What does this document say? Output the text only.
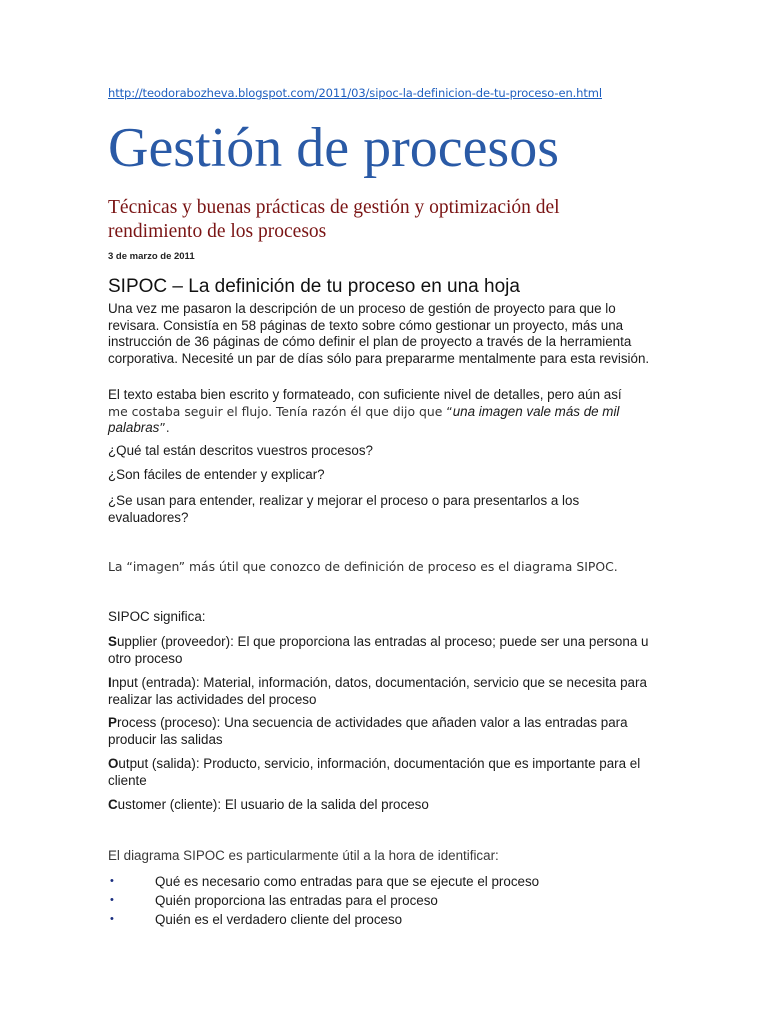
http://teodorabozheva.blogspot.com/2011/03/sipoc-la-definicion-de-tu-proceso-en.html
Gestión de procesos
Técnicas y buenas prácticas de gestión y optimización del rendimiento de los procesos
3 de marzo de 2011
SIPOC – La definición de tu proceso en una hoja

Una vez me pasaron la descripción de un proceso de gestión de proyecto para que lo revisara. Consistía en 58 páginas de texto sobre cómo gestionar un proyecto, más una instrucción de 36 páginas de cómo definir el plan de proyecto a través de la herramienta corporativa. Necesité un par de días sólo para prepararme mentalmente para esta revisión.

El texto estaba bien escrito y formateado, con suficiente nivel de detalles, pero aún así
me costaba seguir el flujo. Tenía razón él que dijo que “una imagen vale más de mil palabras”.

¿Qué tal están descritos vuestros procesos?

¿Son fáciles de entender y explicar?

¿Se usan para entender, realizar y mejorar el proceso o para presentarlos a los evaluadores?

La “imagen” más útil que conozco de definición de proceso es el diagrama SIPOC.

SIPOC significa:

Supplier (proveedor): El que proporciona las entradas al proceso; puede ser una persona u otro proceso

Input (entrada): Material, información, datos, documentación, servicio que se necesita para realizar las actividades del proceso

Process (proceso): Una secuencia de actividades que añaden valor a las entradas para producir las salidas

Output (salida): Producto, servicio, información, documentación que es importante para el cliente

Customer (cliente): El usuario de la salida del proceso

El diagrama SIPOC es particularmente útil a la hora de identificar:

•	Qué es necesario como entradas para que se ejecute el proceso
•	Quién proporciona las entradas para el proceso
•	Quién es el verdadero cliente del proceso
